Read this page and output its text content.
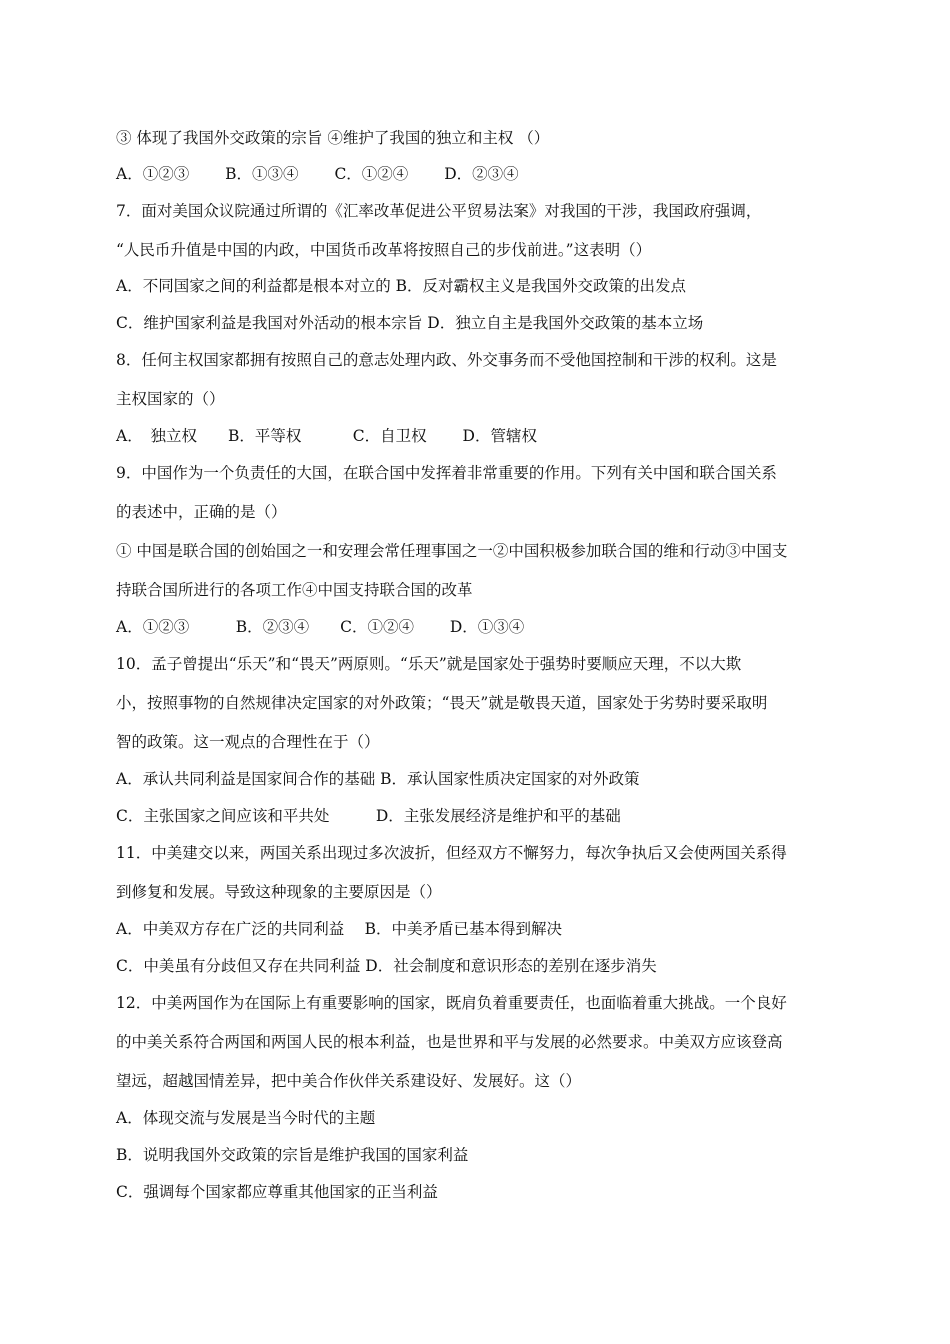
③ 体现了我国外交政策的宗旨 ④维护了我国的独立和主权 （）
A．①②③　　 B．①③④　　 C．①②④　　 D．②③④
7．面对美国众议院通过所谓的《汇率改革促进公平贸易法案》对我国的干涉，我国政府强调，
“人民币升值是中国的内政，中国货币改革将按照自己的步伐前进。”这表明（）
A．不同国家之间的利益都是根本对立的 B．反对霸权主义是我国外交政策的出发点
C．维护国家利益是我国对外活动的根本宗旨 D．独立自主是我国外交政策的基本立场
8．任何主权国家都拥有按照自己的意志处理内政、外交事务而不受他国控制和干涉的权利。这是
主权国家的（）
A．　独立权　　B．平等权　　　 C．自卫权　　 D．管辖权
9．中国作为一个负责任的大国，在联合国中发挥着非常重要的作用。下列有关中国和联合国关系
的表述中，正确的是（）
① 中国是联合国的创始国之一和安理会常任理事国之一②中国积极参加联合国的维和行动③中国支
持联合国所进行的各项工作④中国支持联合国的改革
A．①②③　　　B．②③④　　C．①②④　　 D．①③④
10．孟子曾提出“乐天”和“畏天”两原则。“乐天”就是国家处于强势时要顺应天理，不以大欺
小，按照事物的自然规律决定国家的对外政策；“畏天”就是敬畏天道，国家处于劣势时要采取明
智的政策。这一观点的合理性在于（）
A．承认共同利益是国家间合作的基础 B．承认国家性质决定国家的对外政策
C．主张国家之间应该和平共处　　　D．主张发展经济是维护和平的基础
11．中美建交以来，两国关系出现过多次波折，但经双方不懈努力，每次争执后又会使两国关系得
到修复和发展。导致这种现象的主要原因是（）
A．中美双方存在广泛的共同利益　 B．中美矛盾已基本得到解决
C．中美虽有分歧但又存在共同利益 D．社会制度和意识形态的差别在逐步消失
12．中美两国作为在国际上有重要影响的国家，既肩负着重要责任，也面临着重大挑战。一个良好
的中美关系符合两国和两国人民的根本利益，也是世界和平与发展的必然要求。中美双方应该登高
望远，超越国情差异，把中美合作伙伴关系建设好、发展好。这（）
A．体现交流与发展是当今时代的主题
B．说明我国外交政策的宗旨是维护我国的国家利益
C．强调每个国家都应尊重其他国家的正当利益
